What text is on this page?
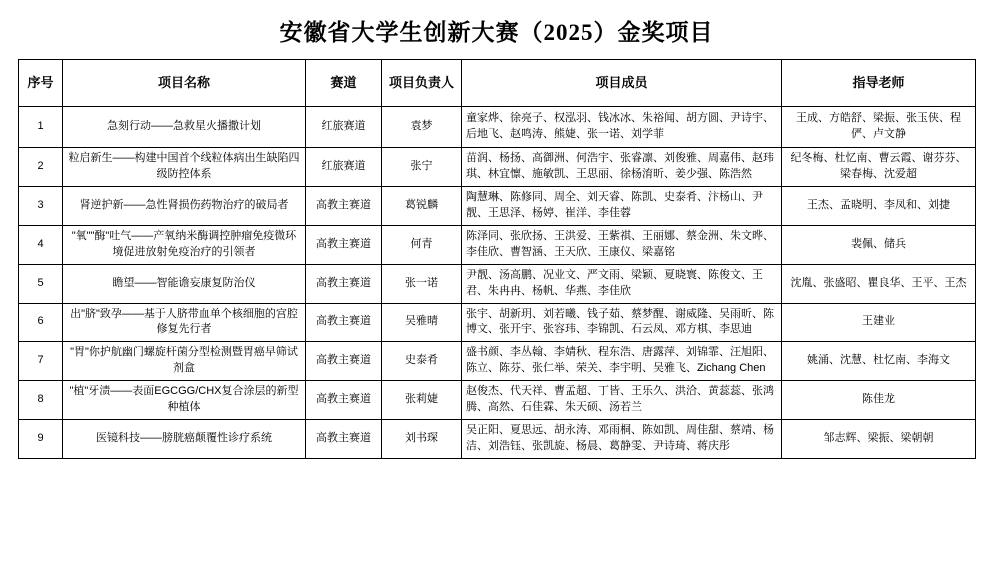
安徽省大学生创新大赛（2025）金奖项目
序号	项目名称	赛道	项目负责人	项目成员	指导老师
1	急刻行动——急救星火播撒计划	红旅赛道	袁梦	童家烨、徐亮子、权泓羽、钱冰冰、朱裕闻、胡方圆、尹诗宇、后地飞、赵鸣涛、熊婕、张一诺、刘学菲	王成、方皓舒、梁振、张玉侠、程俨、卢文静
2	粒启新生——构建中国首个线粒体病出生缺陷四级防控体系	红旅赛道	张宁	苗润、杨扬、高御洲、何浩宇、张睿凛、刘俊雅、周嘉伟、赵玮琪、林宜懔、施敏凯、王思丽、徐杨淯昕、姜少强、陈浩然	纪冬梅、杜忆南、曹云霞、谢芬芬、梁春梅、沈爱超
3	肾逆护新——急性肾损伤药物治疗的破局者	高教主赛道	葛锐麟	陶慧琳、陈修同、周全、刘天睿、陈凯、史泰肴、汴杨山、尹靓、王思泽、杨婷、崔洋、李佳蓉	王杰、孟晓明、李凤和、刘捷
4	"氧""酶"吐气——产氧纳米酶调控肿瘤免疫微环境促进放射免疫治疗的引领者	高教主赛道	何青	陈泽同、张欣扬、王洪爱、王紫祺、王丽娜、蔡金洲、朱文晔、李佳欣、曹智涵、王天欣、王康仪、梁嘉铭	裴佩、储兵
5	瞻望——智能谵妄康复防治仪	高教主赛道	张一诺	尹靓、汤高鹏、况业文、严文雨、梁颖、夏晓寰、陈俊文、王君、朱冉冉、杨帆、华燕、李佳欣	沈胤、张盛昭、瞿良华、王平、王杰
6	出"脐"致孕——基于人脐带血单个核细胞的宫腔修复先行者	高教主赛道	吴雅晴	张宇、胡新玥、刘若曦、钱子茹、蔡梦醒、谢威隆、吴雨昕、陈博文、张开宇、张容玮、李锦凯、石云凤、邓方棋、李思迪	王建业
7	"胃"你护航幽门螺旋杆菌分型检测暨胃癌早筛试剂盒	高教主赛道	史泰肴	盛书颜、李丛翰、李婧秋、程东浩、唐露萍、刘锦霏、汪旭阳、陈立、陈芬、张仁举、荣关、李宇明、吴雅飞、Zichang Chen	姚涌、沈慧、杜忆南、李海文
8	"植"牙渍——表面EGCGG/CHX复合涂层的新型种植体	高教主赛道	张莉婕	赵俊杰、代天祥、曹孟超、丁皆、王乐久、洪洽、黄蕊蕊、张鸿腾、高然、石佳霖、朱天硕、汤若兰	陈佳龙
9	医镜科技——膀胱癌颠覆性诊疗系统	高教主赛道	刘书琛	吴正阳、夏思远、胡永涛、邓雨桐、陈如凯、周佳甜、蔡靖、杨洁、刘浩钰、张凯旋、杨晨、葛静雯、尹诗琦、蒋庆彤	邹志辉、梁振、梁朝朝
